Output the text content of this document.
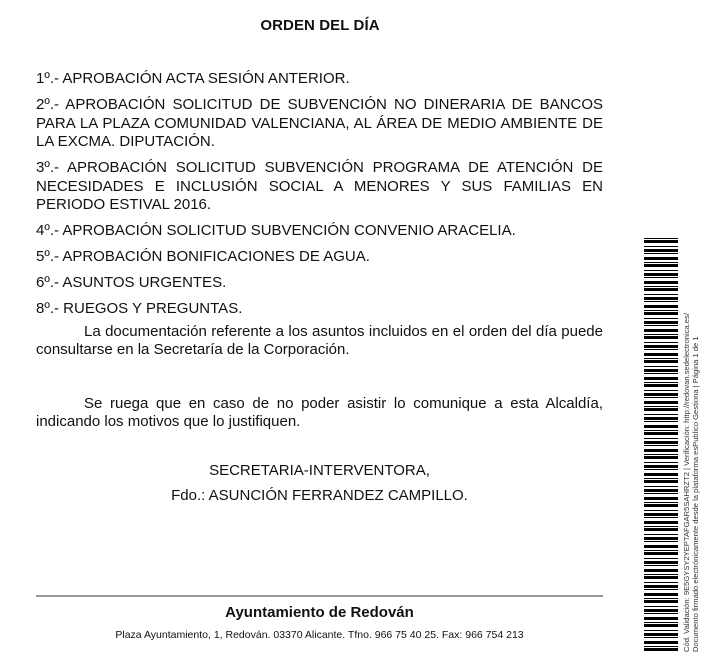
ORDEN DEL DÍA

1º.- APROBACIÓN ACTA SESIÓN ANTERIOR.

2º.- APROBACIÓN SOLICITUD DE SUBVENCIÓN NO DINERARIA DE BANCOS PARA LA PLAZA COMUNIDAD VALENCIANA, AL ÁREA DE MEDIO AMBIENTE DE LA EXCMA. DIPUTACIÓN.

3º.- APROBACIÓN SOLICITUD SUBVENCIÓN PROGRAMA DE ATENCIÓN DE NECESIDADES E INCLUSIÓN SOCIAL A MENORES Y SUS FAMILIAS EN PERIODO ESTIVAL 2016.

4º.- APROBACIÓN SOLICITUD SUBVENCIÓN CONVENIO ARACELIA.

5º.- APROBACIÓN BONIFICACIONES DE AGUA.

6º.- ASUNTOS URGENTES.

8º.- RUEGOS Y PREGUNTAS.

La documentación referente a los asuntos incluidos en el orden del día puede consultarse en la Secretaría de la Corporación.

Se ruega que en caso de no poder asistir lo comunique a esta Alcaldía, indicando los motivos que lo justifiquen.

SECRETARIA-INTERVENTORA,
Fdo.: ASUNCIÓN FERRANDEZ CAMPILLO.
Ayuntamiento de Redován
Plaza Ayuntamiento, 1, Redován. 03370 Alicante. Tfno. 966 75 40 25. Fax: 966 754 213	Cód. Validación: 9E5GYSY2YEPTAFGAR5SAHRZT2 | Verificación: http://redovan.sedelectronica.es/ Documento firmado electrónicamente desde la plataforma esPublico Gestiona | Página 1 de 1
